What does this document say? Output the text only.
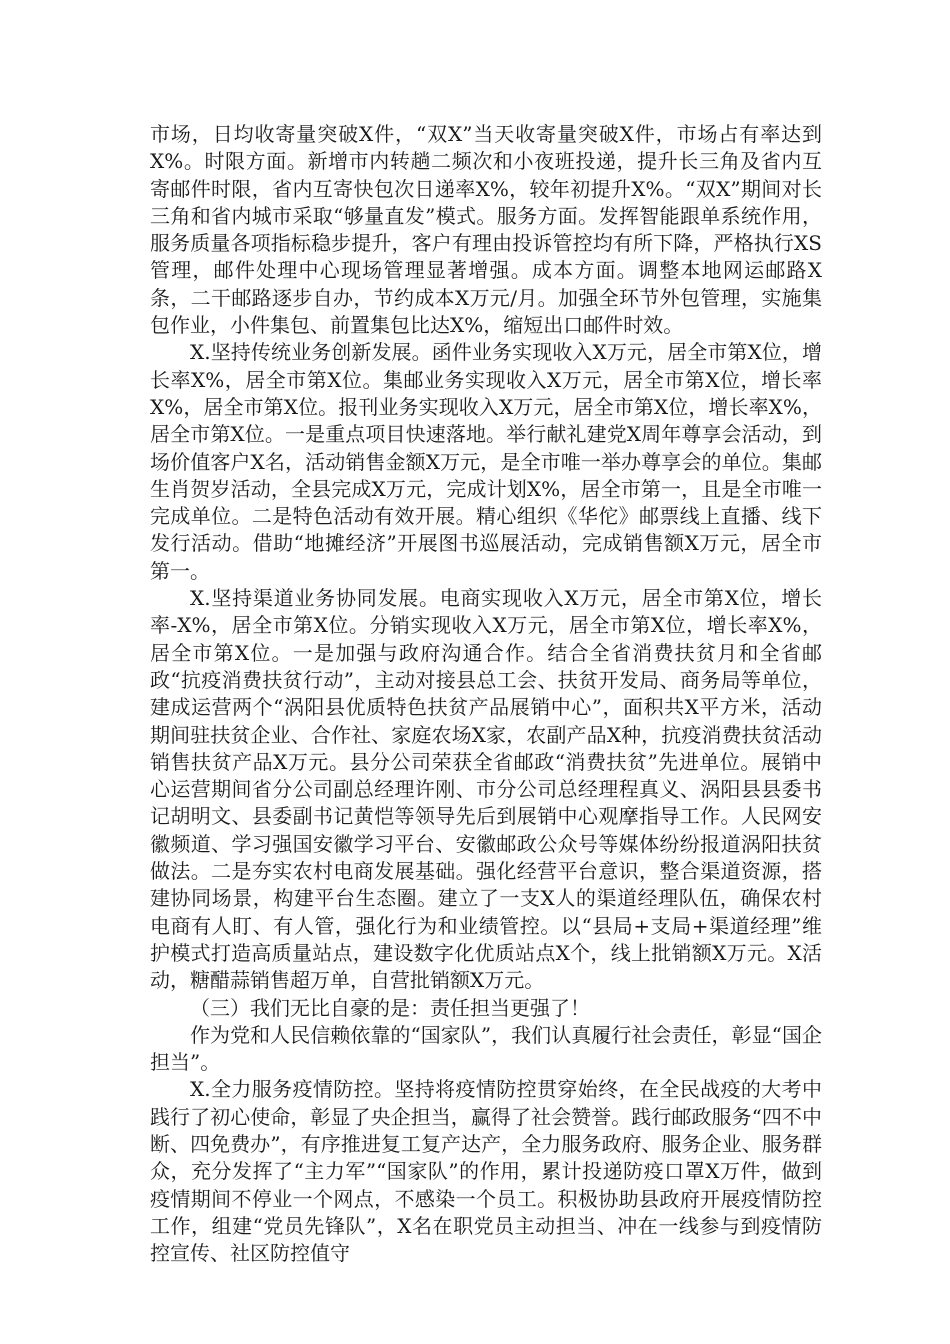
市场，日均收寄量突破X件，“双X”当天收寄量突破X件，市场占有率达到X%。时限方面。新增市内转趟二频次和小夜班投递，提升长三角及省内互寄邮件时限，省内互寄快包次日递率X%，较年初提升X%。“双X”期间对长三角和省内城市采取“够量直发”模式。服务方面。发挥智能跟单系统作用，服务质量各项指标稳步提升，客户有理由投诉管控均有所下降，严格执行XS管理，邮件处理中心现场管理显著增强。成本方面。调整本地网运邮路X条，二干邮路逐步自办，节约成本X万元/月。加强全环节外包管理，实施集包作业，小件集包、前置集包比达X%，缩短出口邮件时效。

X.坚持传统业务创新发展。函件业务实现收入X万元，居全市第X位，增长率X%，居全市第X位。集邮业务实现收入X万元，居全市第X位，增长率X%，居全市第X位。报刊业务实现收入X万元，居全市第X位，增长率X%，居全市第X位。一是重点项目快速落地。举行献礼建党X周年尊享会活动，到场价值客户X名，活动销售金额X万元，是全市唯一举办尊享会的单位。集邮生肖贺岁活动，全县完成X万元，完成计划X%，居全市第一，且是全市唯一完成单位。二是特色活动有效开展。精心组织《华佗》邮票线上直播、线下发行活动。借助“地摊经济”开展图书巡展活动，完成销售额X万元，居全市第一。

X.坚持渠道业务协同发展。电商实现收入X万元，居全市第X位，增长率-X%，居全市第X位。分销实现收入X万元，居全市第X位，增长率X%，居全市第X位。一是加强与政府沟通合作。结合全省消费扶贫月和全省邮政“抗疫消费扶贫行动”，主动对接县总工会、扶贫开发局、商务局等单位，建成运营两个“涡阳县优质特色扶贫产品展销中心”，面积共X平方米，活动期间驻扶贫企业、合作社、家庭农场X家，农副产品X种，抗疫消费扶贫活动销售扶贫产品X万元。县分公司荣获全省邮政“消费扶贫”先进单位。展销中心运营期间省分公司副总经理许刚、市分公司总经理程真义、涡阳县县委书记胡明文、县委副书记黄恺等领导先后到展销中心观摩指导工作。人民网安徽频道、学习强国安徽学习平台、安徽邮政公众号等媒体纷纷报道涡阳扶贫做法。二是夯实农村电商发展基础。强化经营平台意识，整合渠道资源，搭建协同场景，构建平台生态圈。建立了一支X人的渠道经理队伍，确保农村电商有人盯、有人管，强化行为和业绩管控。以“县局+支局+渠道经理”维护模式打造高质量站点，建设数字化优质站点X个，线上批销额X万元。X活动，糖醋蒜销售超万单，自营批销额X万元。

（三）我们无比自豪的是：责任担当更强了！

作为党和人民信赖依靠的“国家队”，我们认真履行社会责任，彰显“国企担当”。

X.全力服务疫情防控。坚持将疫情防控贯穿始终，在全民战疫的大考中践行了初心使命，彰显了央企担当，赢得了社会赞誉。践行邮政服务“四不中断、四免费办”，有序推进复工复产达产，全力服务政府、服务企业、服务群众，充分发挥了“主力军”“国家队”的作用，累计投递防疫口罩X万件，做到疫情期间不停业一个网点，不感染一个员工。积极协助县政府开展疫情防控工作，组建“党员先锋队”，X名在职党员主动担当、冲在一线参与到疫情防控宣传、社区防控值守
